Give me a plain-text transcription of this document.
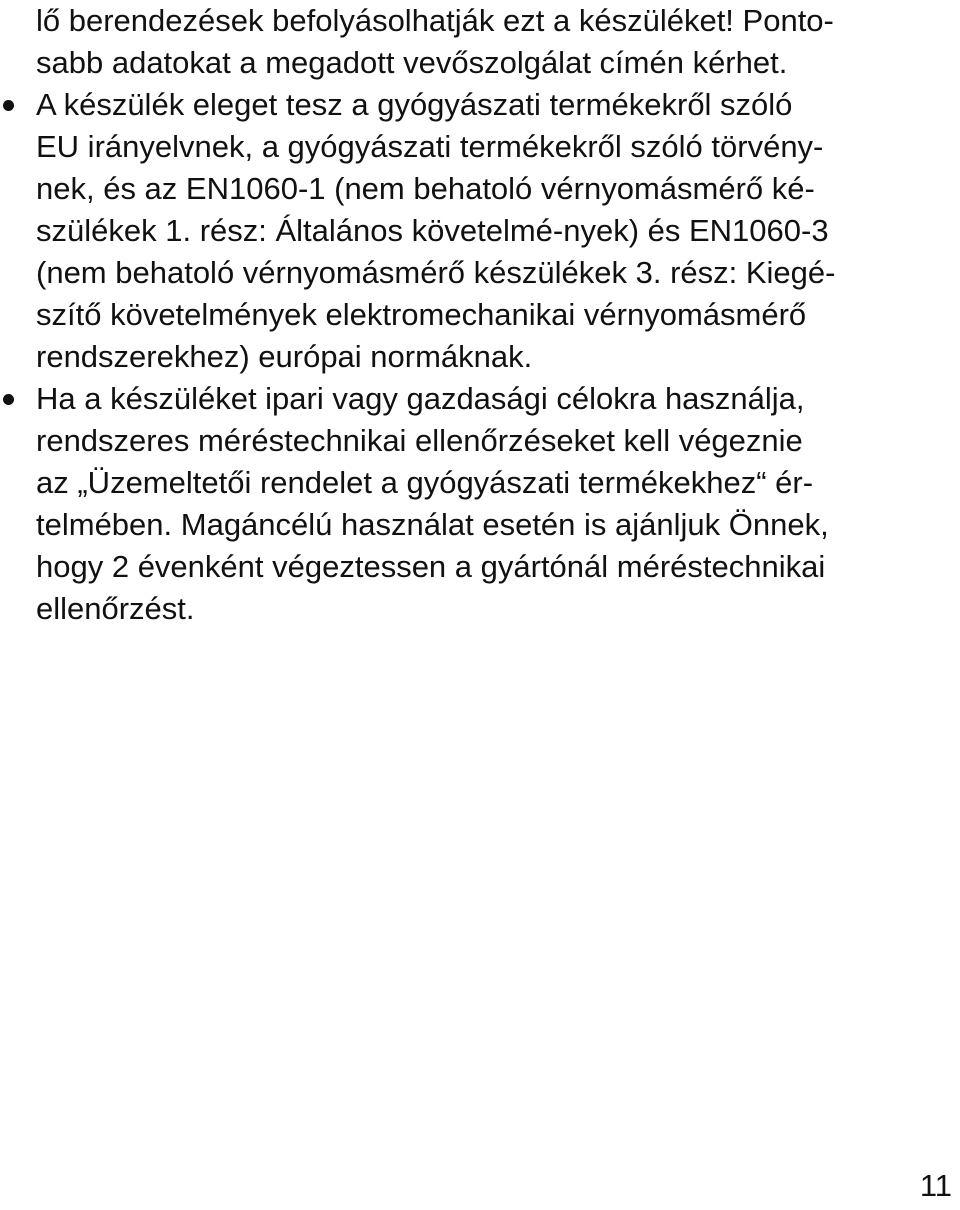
lő berendezések befolyásolhatják ezt a készüléket! Ponto-
sabb adatokat a megadott vevőszolgálat címén kérhet.
A készülék eleget tesz a gyógyászati termékekről szóló
EU irányelvnek, a gyógyászati termékekről szóló törvény-
nek, és az EN1060-1 (nem behatoló vérnyomásmérő ké-
szülékek 1. rész: Általános követelmé-nyek) és EN1060-3
(nem behatoló vérnyomásmérő készülékek 3. rész: Kiegé-
szítő követelmények elektromechanikai vérnyomásmérő
rendszerekhez) európai normáknak.
Ha a készüléket ipari vagy gazdasági célokra használja,
rendszeres méréstechnikai ellenőrzéseket kell végeznie
az „Üzemeltetői rendelet a gyógyászati termékekhez“ ér-
telmében. Magáncélú használat esetén is ajánljuk Önnek,
hogy 2 évenként végeztessen a gyártónál méréstechnikai
ellenőrzést.
11
